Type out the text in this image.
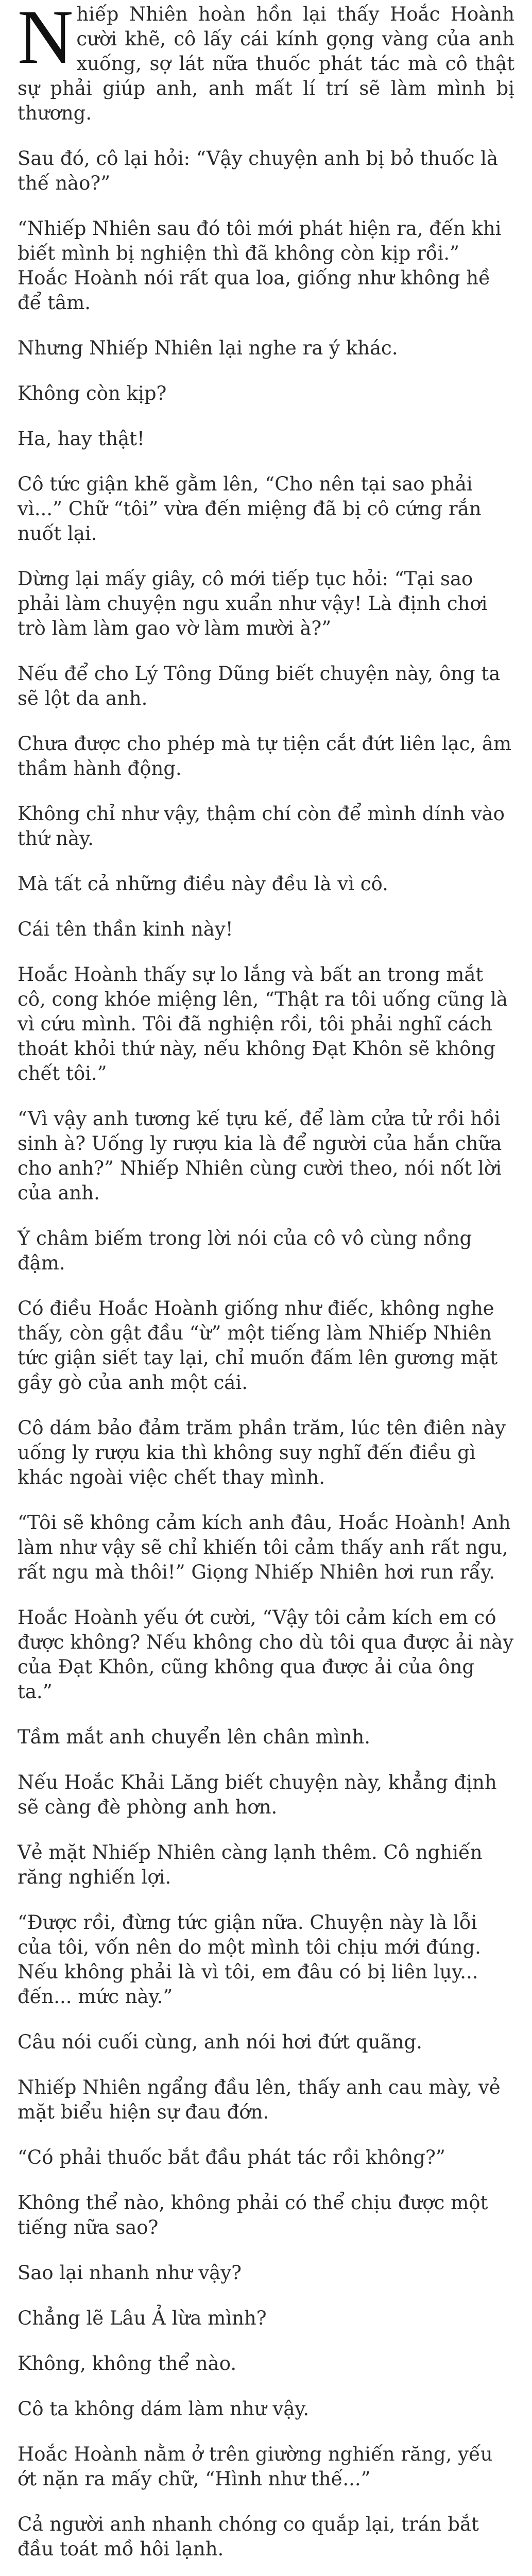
Nhiếp Nhiên hoàn hồn lại thấy Hoắc Hoành cười khẽ, cô lấy cái kính gọng vàng của anh xuống, sợ lát nữa thuốc phát tác mà cô thật sự phải giúp anh, anh mất lí trí sẽ làm mình bị thương.

Sau đó, cô lại hỏi: “Vậy chuyện anh bị bỏ thuốc là thế nào?”

“Nhiếp Nhiên sau đó tôi mới phát hiện ra, đến khi biết mình bị nghiện thì đã không còn kịp rồi.” Hoắc Hoành nói rất qua loa, giống như không hề để tâm.

Nhưng Nhiếp Nhiên lại nghe ra ý khác.

Không còn kịp?

Ha, hay thật!

Cô tức giận khẽ gằm lên, “Cho nên tại sao phải vì...” Chữ “tôi” vừa đến miệng đã bị cô cứng rắn nuốt lại.

Dừng lại mấy giây, cô mới tiếp tục hỏi: “Tại sao phải làm chuyện ngu xuẩn như vậy! Là định chơi trò làm làm gao vờ làm mười à?”

Nếu để cho Lý Tông Dũng biết chuyện này, ông ta sẽ lột da anh.

Chưa được cho phép mà tự tiện cắt đứt liên lạc, âm thầm hành động.

Không chỉ như vậy, thậm chí còn để mình dính vào thứ này.

Mà tất cả những điều này đều là vì cô.

Cái tên thần kinh này!

Hoắc Hoành thấy sự lo lắng và bất an trong mắt cô, cong khóe miệng lên, “Thật ra tôi uống cũng là vì cứu mình. Tôi đã nghiện rồi, tôi phải nghĩ cách thoát khỏi thứ này, nếu không Đạt Khôn sẽ không chết tôi.”

“Vì vậy anh tương kế tựu kế, để làm cửa tử rồi hồi sinh à? Uống ly rượu kia là để người của hắn chữa cho anh?” Nhiếp Nhiên cùng cười theo, nói nốt lời của anh.

Ý châm biếm trong lời nói của cô vô cùng nồng đậm.

Có điều Hoắc Hoành giống như điếc, không nghe thấy, còn gật đầu “ừ” một tiếng làm Nhiếp Nhiên tức giận siết tay lại, chỉ muốn đấm lên gương mặt gầy gò của anh một cái.

Cô dám bảo đảm trăm phần trăm, lúc tên điên này uống ly rượu kia thì không suy nghĩ đến điều gì khác ngoài việc chết thay mình.

“Tôi sẽ không cảm kích anh đâu, Hoắc Hoành! Anh làm như vậy sẽ chỉ khiến tôi cảm thấy anh rất ngu, rất ngu mà thôi!” Giọng Nhiếp Nhiên hơi run rẩy.

Hoắc Hoành yếu ớt cười, “Vậy tôi cảm kích em có được không? Nếu không cho dù tôi qua được ải này của Đạt Khôn, cũng không qua được ải của ông ta.”

Tầm mắt anh chuyển lên chân mình.

Nếu Hoắc Khải Lăng biết chuyện này, khẳng định sẽ càng đè phòng anh hơn.

Vẻ mặt Nhiếp Nhiên càng lạnh thêm. Cô nghiến răng nghiến lợi.

“Được rồi, đừng tức giận nữa. Chuyện này là lỗi của tôi, vốn nên do một mình tôi chịu mới đúng. Nếu không phải là vì tôi, em đâu có bị liên lụy... đến... mức này.”

Câu nói cuối cùng, anh nói hơi đứt quãng.

Nhiếp Nhiên ngẩng đầu lên, thấy anh cau mày, vẻ mặt biểu hiện sự đau đớn.

“Có phải thuốc bắt đầu phát tác rồi không?”

Không thể nào, không phải có thể chịu được một tiếng nữa sao?

Sao lại nhanh như vậy?

Chẳng lẽ Lâu Ả lừa mình?

Không, không thể nào.

Cô ta không dám làm như vậy.

Hoắc Hoành nằm ở trên giường nghiến răng, yếu ớt nặn ra mấy chữ, “Hình như thế...”

Cả người anh nhanh chóng co quắp lại, trán bắt đầu toát mồ hôi lạnh.
